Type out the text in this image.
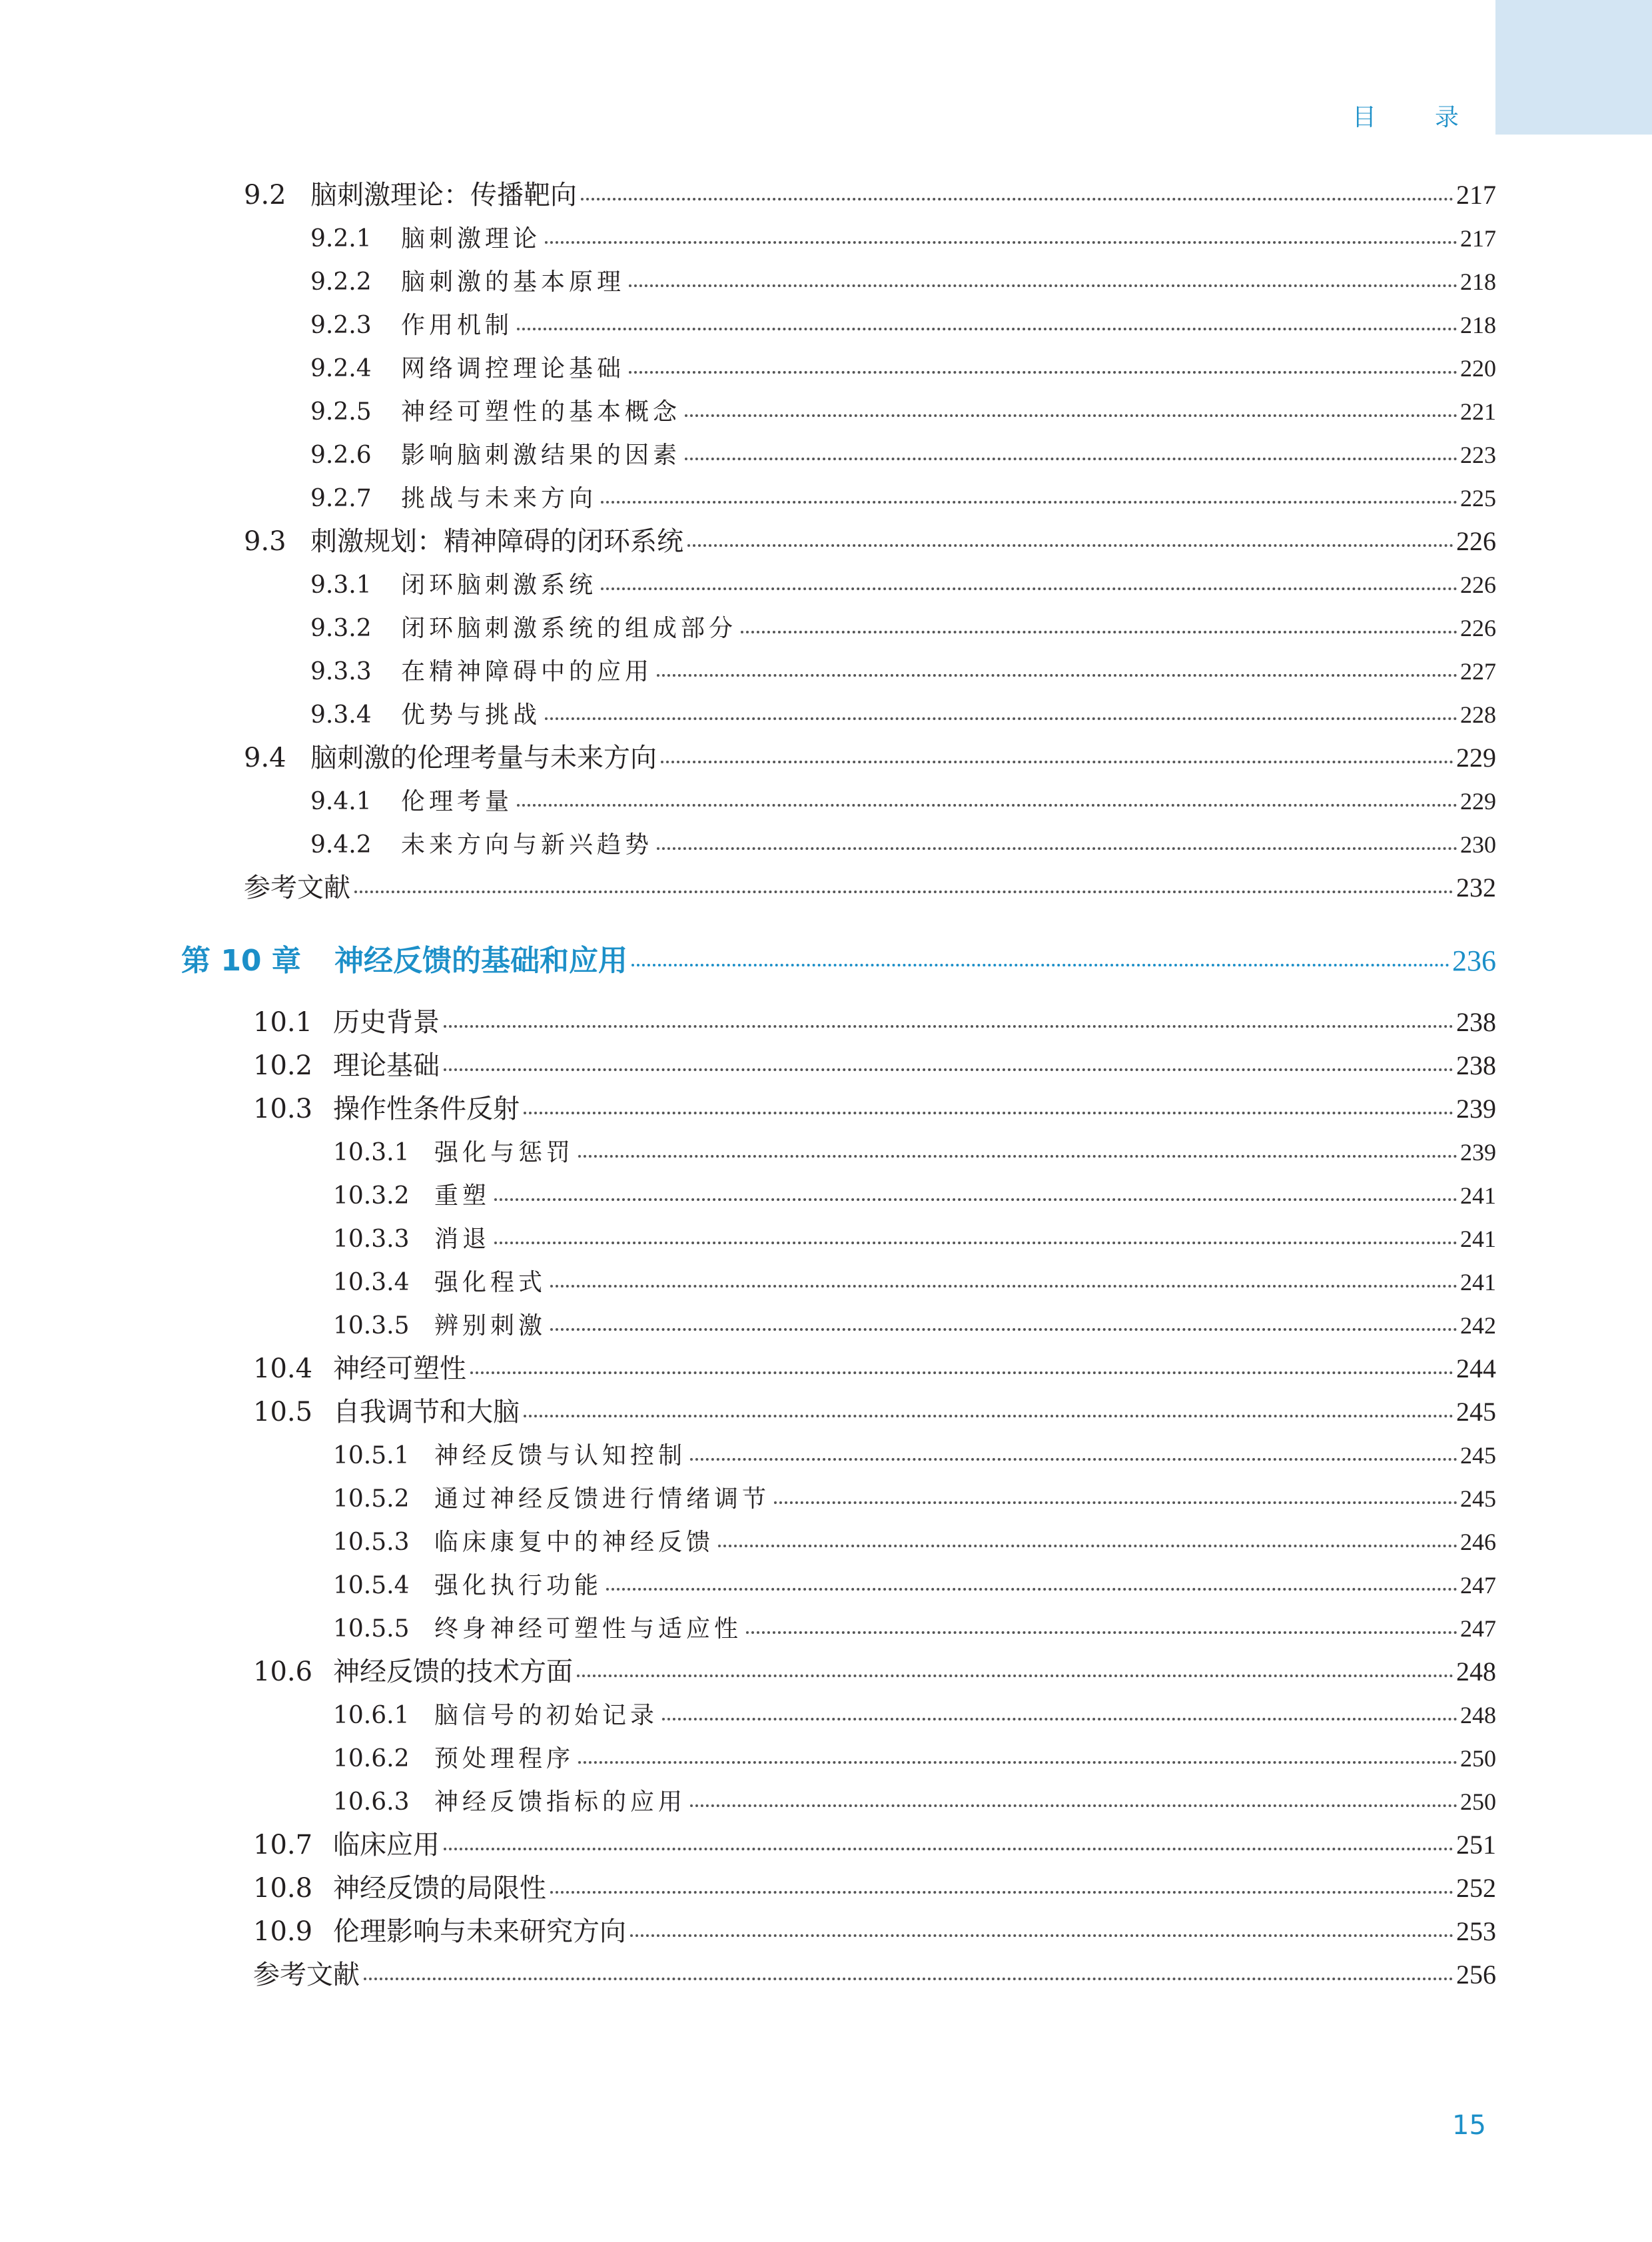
目 录
9.2 脑刺激理论：传播靶向	217
9.2.1	脑刺激理论	217
9.2.2	脑刺激的基本原理	218
9.2.3	作用机制	218
9.2.4	网络调控理论基础	220
9.2.5	神经可塑性的基本概念	221
9.2.6	影响脑刺激结果的因素	223
9.2.7	挑战与未来方向	225
9.3 刺激规划：精神障碍的闭环系统	226
9.3.1	闭环脑刺激系统	226
9.3.2	闭环脑刺激系统的组成部分	226
9.3.3	在精神障碍中的应用	227
9.3.4	优势与挑战	228
9.4 脑刺激的伦理考量与未来方向	229
9.4.1	伦理考量	229
9.4.2	未来方向与新兴趋势	230
参考文献	232
第 10 章	神经反馈的基础和应用	236
10.1 历史背景	238
10.2 理论基础	238
10.3 操作性条件反射	239
10.3.1	强化与惩罚	239
10.3.2	重塑	241
10.3.3	消退	241
10.3.4	强化程式	241
10.3.5	辨别刺激	242
10.4 神经可塑性	244
10.5 自我调节和大脑	245
10.5.1	神经反馈与认知控制	245
10.5.2	通过神经反馈进行情绪调节	245
10.5.3	临床康复中的神经反馈	246
10.5.4	强化执行功能	247
10.5.5	终身神经可塑性与适应性	247
10.6 神经反馈的技术方面	248
10.6.1	脑信号的初始记录	248
10.6.2	预处理程序	250
10.6.3	神经反馈指标的应用	250
10.7 临床应用	251
10.8 神经反馈的局限性	252
10.9 伦理影响与未来研究方向	253
参考文献	256
15
